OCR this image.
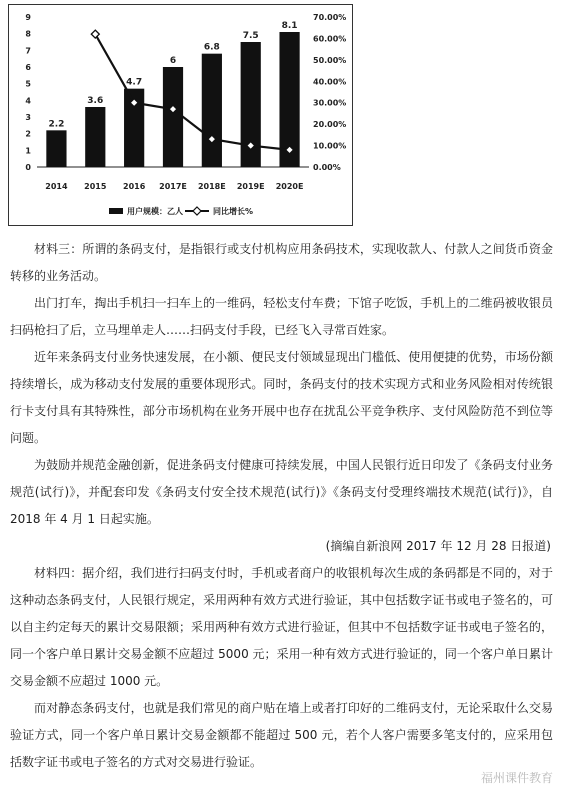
0
1
2
3
4
5
6
7
8
9
0.00%
10.00%
20.00%
30.00%
40.00%
50.00%
60.00%
70.00%
2014 2015 2016 2017E 2018E 2019E 2020E
2.2
3.6
4.7
6
6.8
7.5
8.1
用户规模：乙人	同比增长%

材料三：所谓的条码支付，是指银行或支付机构应用条码技术，实现收款人、付款人之间货币资金转移的业务活动。

出门打车，掏出手机扫一扫车上的一维码，轻松支付车费；下馆子吃饭，手机上的二维码被收银员扫码枪扫了后，立马埋单走人……扫码支付手段，已经飞入寻常百姓家。

近年来条码支付业务快速发展，在小额、便民支付领域显现出门槛低、使用便捷的优势，市场份额持续增长，成为移动支付发展的重要体现形式。同时，条码支付的技术实现方式和业务风险相对传统银行卡支付具有其特殊性，部分市场机构在业务开展中也存在扰乱公平竞争秩序、支付风险防范不到位等问题。

为鼓励并规范金融创新，促进条码支付健康可持续发展，中国人民银行近日印发了《条码支付业务规范(试行)》，并配套印发《条码支付安全技术规范(试行)》《条码支付受理终端技术规范(试行)》，自 2018 年 4 月 1 日起实施。

(摘编自新浪网 2017 年 12 月 28 日报道)

材料四：据介绍，我们进行扫码支付时，手机或者商户的收银机每次生成的条码都是不同的，对于这种动态条码支付，人民银行规定，采用两种有效方式进行验证，其中包括数字证书或电子签名的，可以自主约定每天的累计交易限额；采用两种有效方式进行验证，但其中不包括数字证书或电子签名的，同一个客户单日累计交易金额不应超过 5000 元；采用一种有效方式进行验证的，同一个客户单日累计交易金额不应超过 1000 元。

而对静态条码支付，也就是我们常见的商户贴在墙上或者打印好的二维码支付，无论采取什么交易验证方式，同一个客户单日累计交易金额都不能超过 500 元，若个人客户需要多笔支付的，应采用包括数字证书或电子签名的方式对交易进行验证。

福州课件教育
